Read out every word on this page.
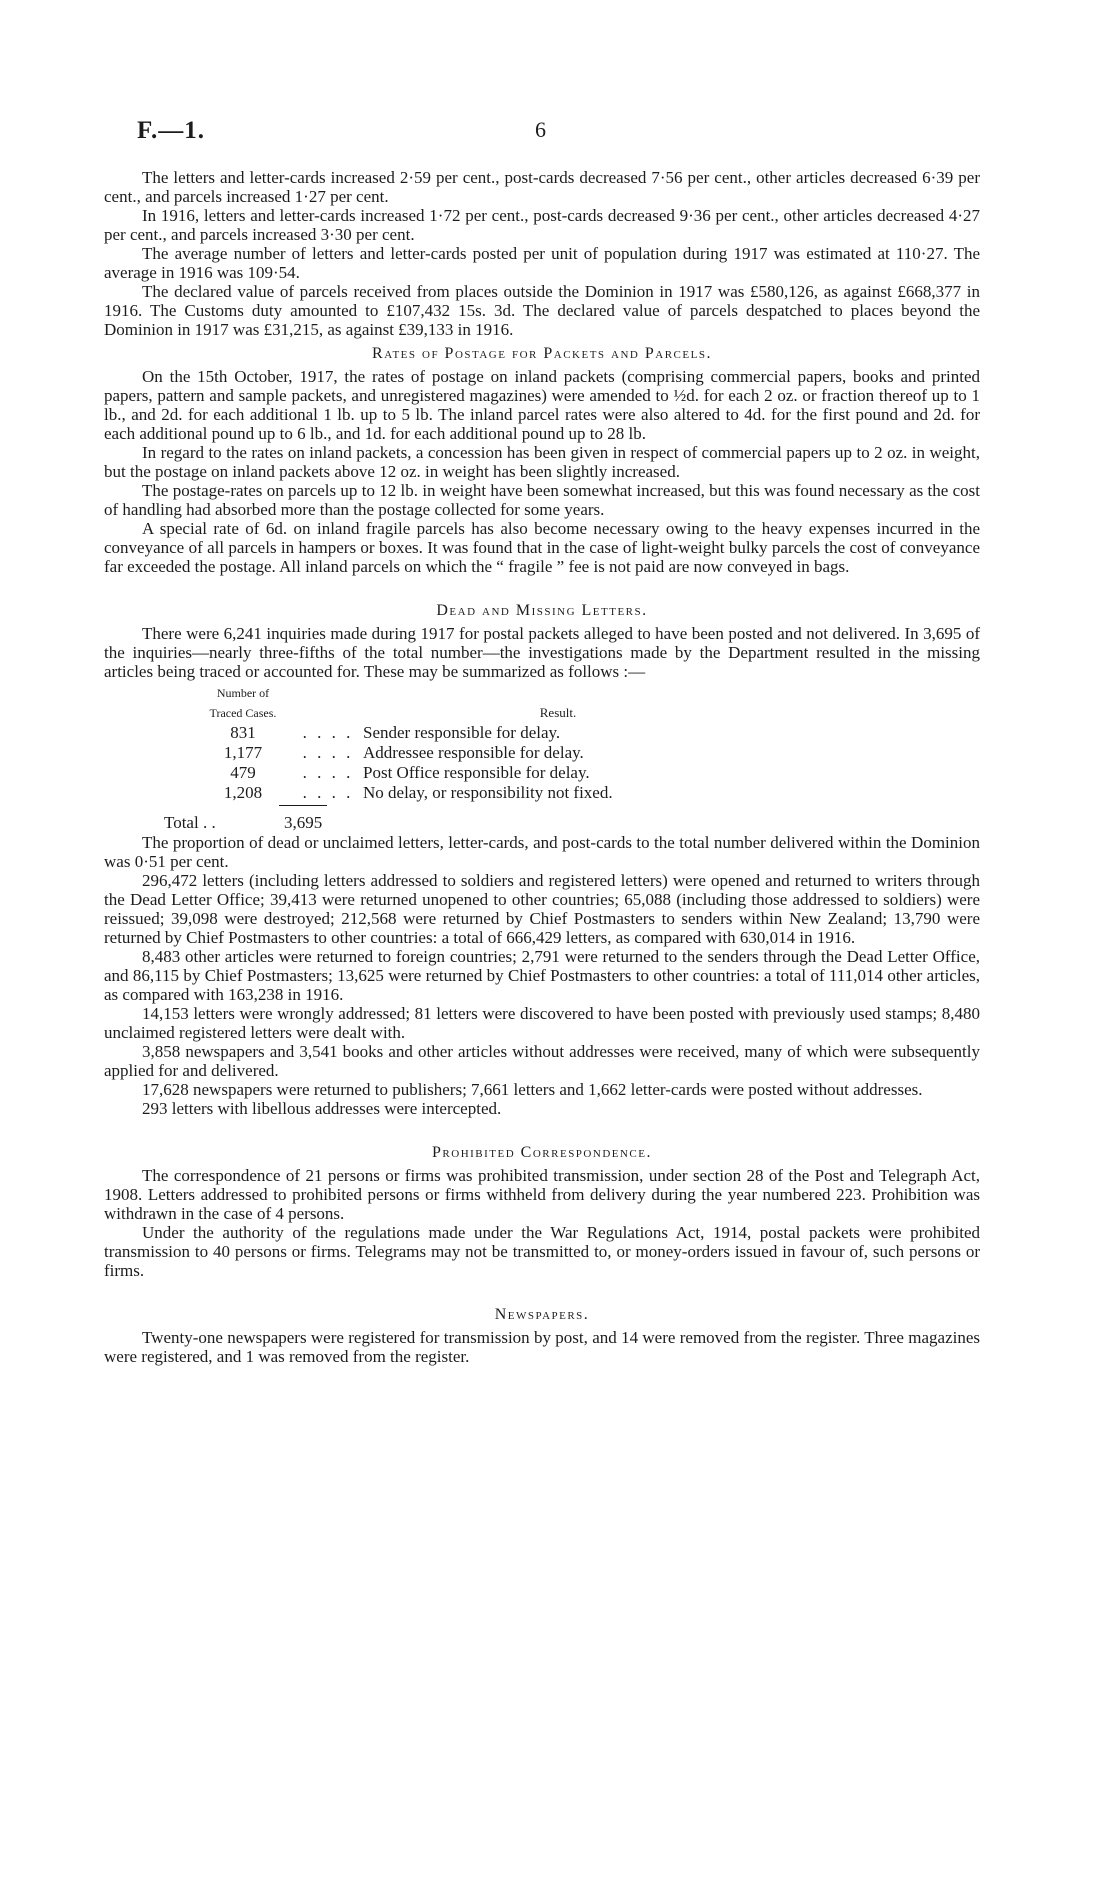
F.—1.	6

The letters and letter-cards increased 2·59 per cent., post-cards decreased 7·56 per cent., other articles decreased 6·39 per cent., and parcels increased 1·27 per cent.

In 1916, letters and letter-cards increased 1·72 per cent., post-cards decreased 9·36 per cent., other articles decreased 4·27 per cent., and parcels increased 3·30 per cent.

The average number of letters and letter-cards posted per unit of population during 1917 was estimated at 110·27. The average in 1916 was 109·54.

The declared value of parcels received from places outside the Dominion in 1917 was £580,126, as against £668,377 in 1916. The Customs duty amounted to £107,432 15s. 3d. The declared value of parcels despatched to places beyond the Dominion in 1917 was £31,215, as against £39,133 in 1916.

Rates of Postage for Packets and Parcels.

On the 15th October, 1917, the rates of postage on inland packets (comprising commercial papers, books and printed papers, pattern and sample packets, and unregistered magazines) were amended to ½d. for each 2 oz. or fraction thereof up to 1 lb., and 2d. for each additional 1 lb. up to 5 lb. The inland parcel rates were also altered to 4d. for the first pound and 2d. for each additional pound up to 6 lb., and 1d. for each additional pound up to 28 lb.

In regard to the rates on inland packets, a concession has been given in respect of commercial papers up to 2 oz. in weight, but the postage on inland packets above 12 oz. in weight has been slightly increased.

The postage-rates on parcels up to 12 lb. in weight have been somewhat increased, but this was found necessary as the cost of handling had absorbed more than the postage collected for some years.

A special rate of 6d. on inland fragile parcels has also become necessary owing to the heavy expenses incurred in the conveyance of all parcels in hampers or boxes. It was found that in the case of light-weight bulky parcels the cost of conveyance far exceeded the postage. All inland parcels on which the “ fragile ” fee is not paid are now conveyed in bags.

Dead and Missing Letters.

There were 6,241 inquiries made during 1917 for postal packets alleged to have been posted and not delivered. In 3,695 of the inquiries—nearly three-fifths of the total number—the investigations made by the Department resulted in the missing articles being traced or accounted for. These may be summarized as follows :—

Number of
Traced Cases.		Result.
831	. . . .	Sender responsible for delay.
1,177	. . . .	Addressee responsible for delay.
479	. . . .	Post Office responsible for delay.
1,208	. . . .	No delay, or responsibility not fixed.
Total . .	3,695

The proportion of dead or unclaimed letters, letter-cards, and post-cards to the total number delivered within the Dominion was 0·51 per cent.

296,472 letters (including letters addressed to soldiers and registered letters) were opened and returned to writers through the Dead Letter Office; 39,413 were returned unopened to other countries; 65,088 (including those addressed to soldiers) were reissued; 39,098 were destroyed; 212,568 were returned by Chief Postmasters to senders within New Zealand; 13,790 were returned by Chief Postmasters to other countries: a total of 666,429 letters, as compared with 630,014 in 1916.

8,483 other articles were returned to foreign countries; 2,791 were returned to the senders through the Dead Letter Office, and 86,115 by Chief Postmasters; 13,625 were returned by Chief Postmasters to other countries: a total of 111,014 other articles, as compared with 163,238 in 1916.

14,153 letters were wrongly addressed; 81 letters were discovered to have been posted with previously used stamps; 8,480 unclaimed registered letters were dealt with.

3,858 newspapers and 3,541 books and other articles without addresses were received, many of which were subsequently applied for and delivered.

17,628 newspapers were returned to publishers; 7,661 letters and 1,662 letter-cards were posted without addresses.

293 letters with libellous addresses were intercepted.

Prohibited Correspondence.

The correspondence of 21 persons or firms was prohibited transmission, under section 28 of the Post and Telegraph Act, 1908. Letters addressed to prohibited persons or firms withheld from delivery during the year numbered 223. Prohibition was withdrawn in the case of 4 persons.

Under the authority of the regulations made under the War Regulations Act, 1914, postal packets were prohibited transmission to 40 persons or firms. Telegrams may not be transmitted to, or money-orders issued in favour of, such persons or firms.

Newspapers.

Twenty-one newspapers were registered for transmission by post, and 14 were removed from the register. Three magazines were registered, and 1 was removed from the register.
